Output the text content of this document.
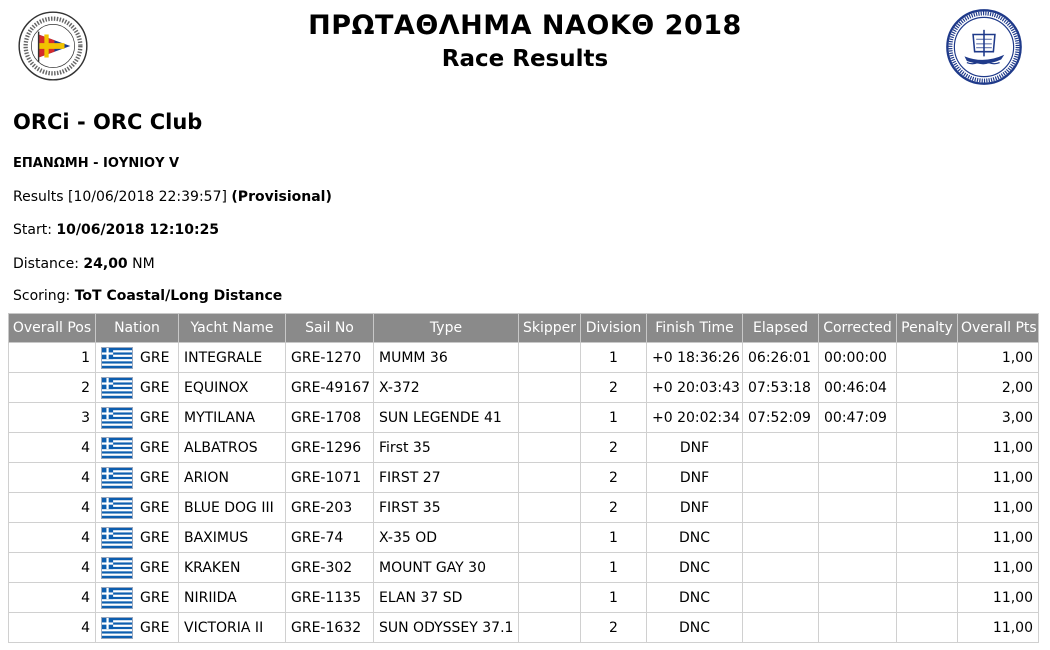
ΠΡΩΤΑΘΛΗΜΑ ΝΑΟΚΘ 2018
Race Results
ORCi - ORC Club
ΕΠΑΝΩΜΗ - ΙΟΥΝΙΟΥ V
Results [10/06/2018 22:39:57] (Provisional)
Start: 10/06/2018 12:10:25
Distance: 24,00 NM
Scoring: ToT Coastal/Long Distance
Overall Pos	Nation	Yacht Name	Sail No	Type	Skipper	Division	Finish Time	Elapsed	Corrected	Penalty	Overall Pts
1	GRE	INTEGRALE	GRE-1270	MUMM 36		1	+0 18:36:26	06:26:01	00:00:00		1,00
2	GRE	EQUINOX	GRE-49167	X-372		2	+0 20:03:43	07:53:18	00:46:04		2,00
3	GRE	MYTILANA	GRE-1708	SUN LEGENDE 41		1	+0 20:02:34	07:52:09	00:47:09		3,00
4	GRE	ALBATROS	GRE-1296	First 35		2	DNF				11,00
4	GRE	ARION	GRE-1071	FIRST 27		2	DNF				11,00
4	GRE	BLUE DOG III	GRE-203	FIRST 35		2	DNF				11,00
4	GRE	BAXIMUS	GRE-74	X-35 OD		1	DNC				11,00
4	GRE	KRAKEN	GRE-302	MOUNT GAY 30		1	DNC				11,00
4	GRE	NIRIIDA	GRE-1135	ELAN 37 SD		1	DNC				11,00
4	GRE	VICTORIA II	GRE-1632	SUN ODYSSEY 37.1		2	DNC				11,00
